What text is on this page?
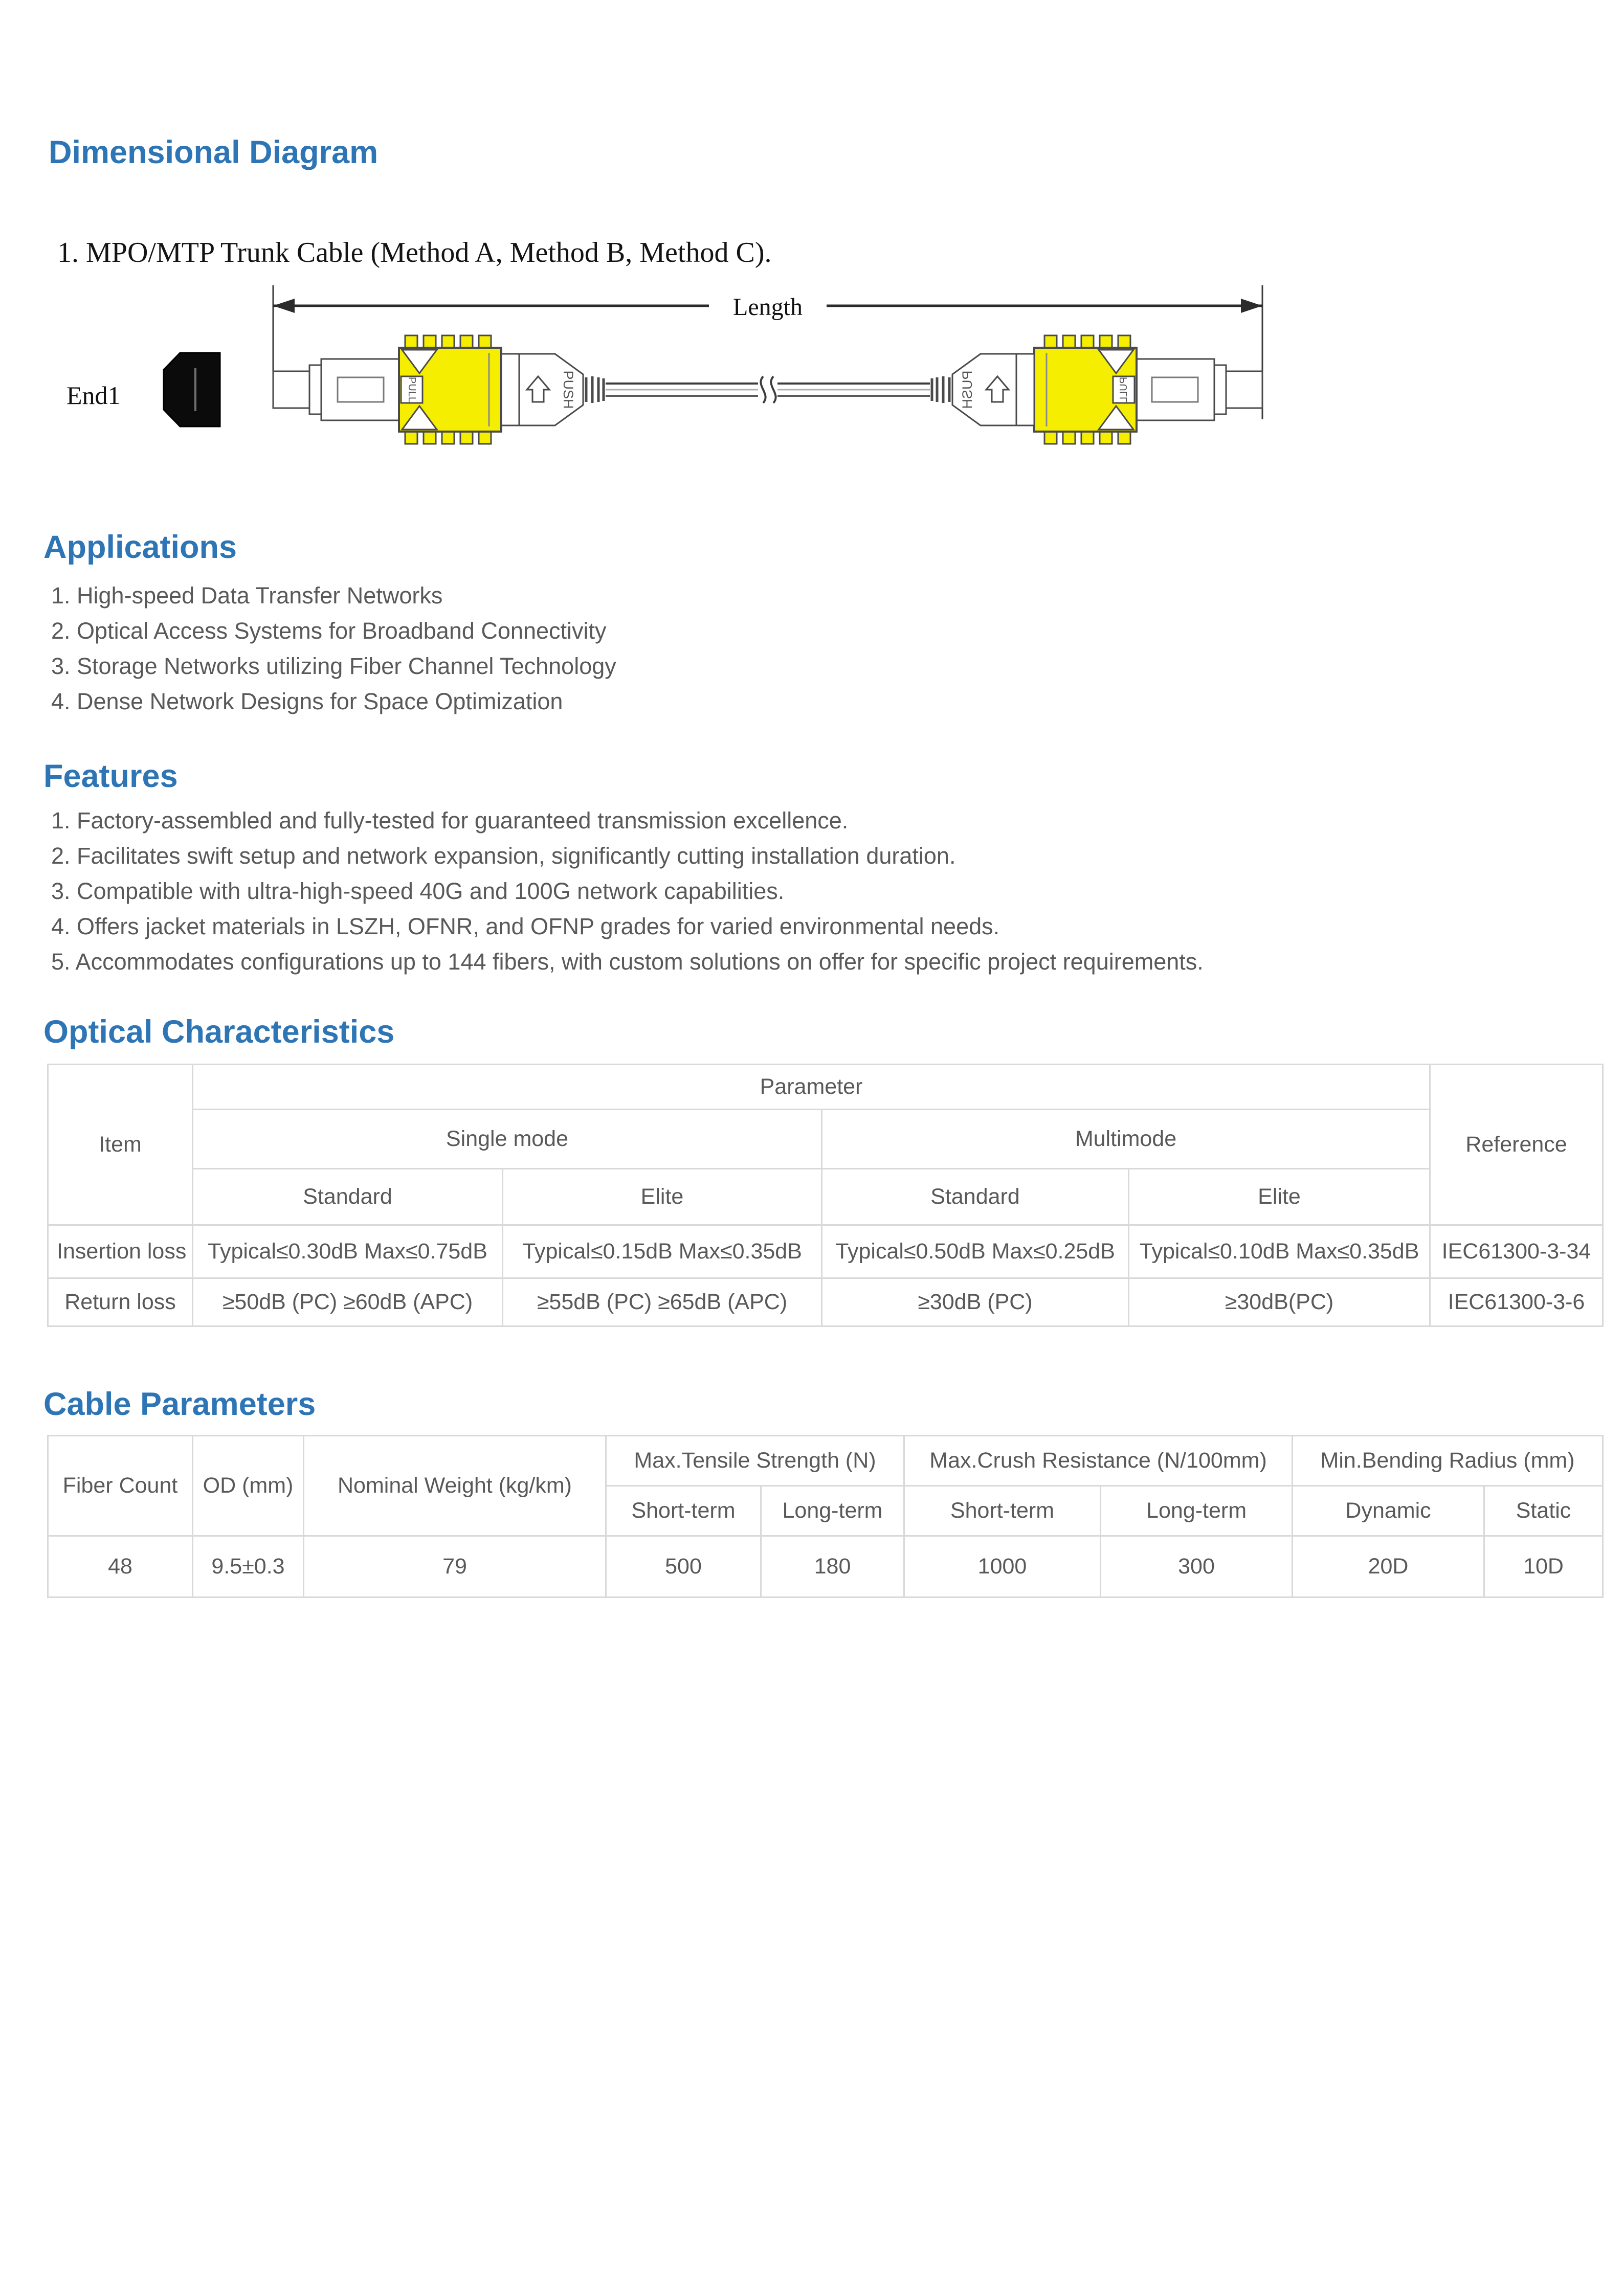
Dimensional Diagram
1. MPO/MTP Trunk Cable (Method A, Method B, Method C).
Length
End1	PULL	PUSH
Applications
1. High-speed Data Transfer Networks
2. Optical Access Systems for Broadband Connectivity
3. Storage Networks utilizing Fiber Channel Technology
4. Dense Network Designs for Space Optimization
Features
1. Factory-assembled and fully-tested for guaranteed transmission excellence.
2. Facilitates swift setup and network expansion, significantly cutting installation duration.
3. Compatible with ultra-high-speed 40G and 100G network capabilities.
4. Offers jacket materials in LSZH, OFNR, and OFNP grades for varied environmental needs.
5. Accommodates configurations up to 144 fibers, with custom solutions on offer for specific project requirements.
Optical Characteristics
Item	Parameter				Reference
	Single mode		Multimode		
	Standard	Elite	Standard	Elite	
Insertion loss	Typical≤0.30dB Max≤0.75dB	Typical≤0.15dB Max≤0.35dB	Typical≤0.50dB Max≤0.25dB	Typical≤0.10dB Max≤0.35dB	IEC61300-3-34
Return loss	≥50dB (PC) ≥60dB (APC)	≥55dB (PC) ≥65dB (APC)	≥30dB (PC)	≥30dB(PC)	IEC61300-3-6
Cable Parameters
Fiber Count	OD (mm)	Nominal Weight (kg/km)	Max.Tensile Strength (N)		Max.Crush Resistance (N/100mm)		Min.Bending Radius (mm)	
			Short-term	Long-term	Short-term	Long-term	Dynamic	Static
48	9.5±0.3	79	500	180	1000	300	20D	10D
